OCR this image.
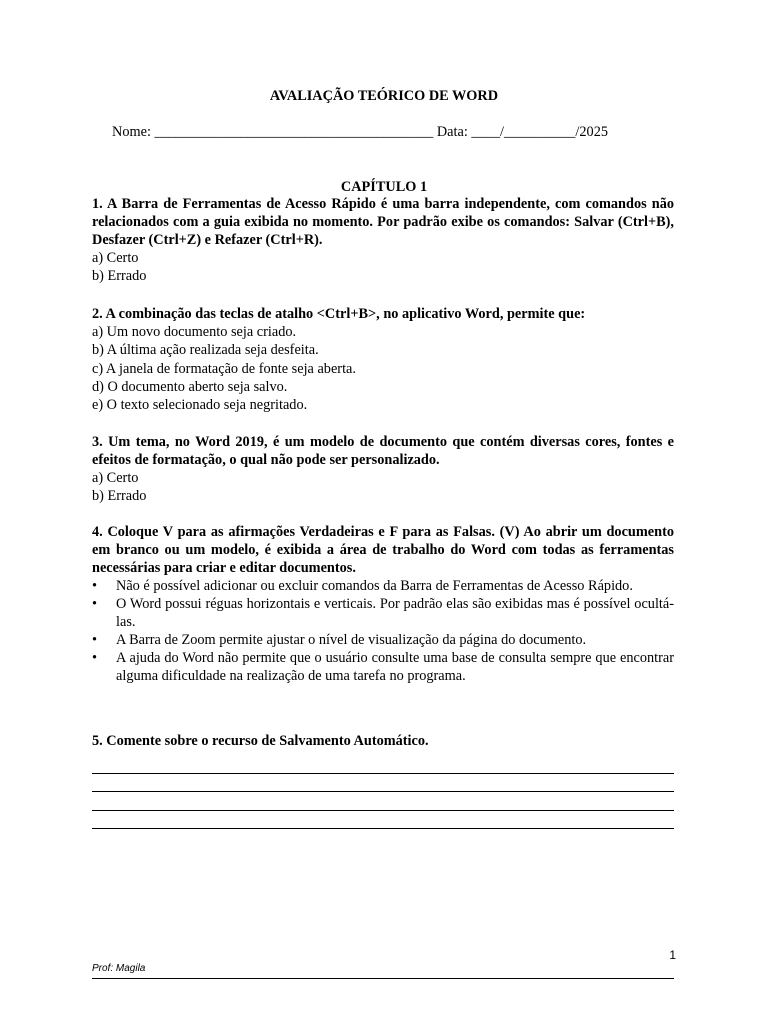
AVALIAÇÃO TEÓRICO DE WORD
Nome: _______________________________________ Data: ____/__________/2025
CAPÍTULO 1

1. A Barra de Ferramentas de Acesso Rápido é uma barra independente, com comandos não relacionados com a guia exibida no momento. Por padrão exibe os comandos: Salvar (Ctrl+B), Desfazer (Ctrl+Z) e Refazer (Ctrl+R).

a) Certo

b) Errado

2. A combinação das teclas de atalho <Ctrl+B>, no aplicativo Word, permite que:

a) Um novo documento seja criado.

b) A última ação realizada seja desfeita.

c) A janela de formatação de fonte seja aberta.

d) O documento aberto seja salvo.

e) O texto selecionado seja negritado.

3. Um tema, no Word 2019, é um modelo de documento que contém diversas cores, fontes e efeitos de formatação, o qual não pode ser personalizado.

a) Certo

b) Errado

4. Coloque V para as afirmações Verdadeiras e F para as Falsas. (V) Ao abrir um documento em branco ou um modelo, é exibida a área de trabalho do Word com todas as ferramentas necessárias para criar e editar documentos.

• Não é possível adicionar ou excluir comandos da Barra de Ferramentas de Acesso Rápido.
• O Word possui réguas horizontais e verticais. Por padrão elas são exibidas mas é possível ocultá-las.
• A Barra de Zoom permite ajustar o nível de visualização da página do documento.
• A ajuda do Word não permite que o usuário consulte uma base de consulta sempre que encontrar alguma dificuldade na realização de uma tarefa no programa.

5. Comente sobre o recurso de Salvamento Automático.

1
Prof: Magila
